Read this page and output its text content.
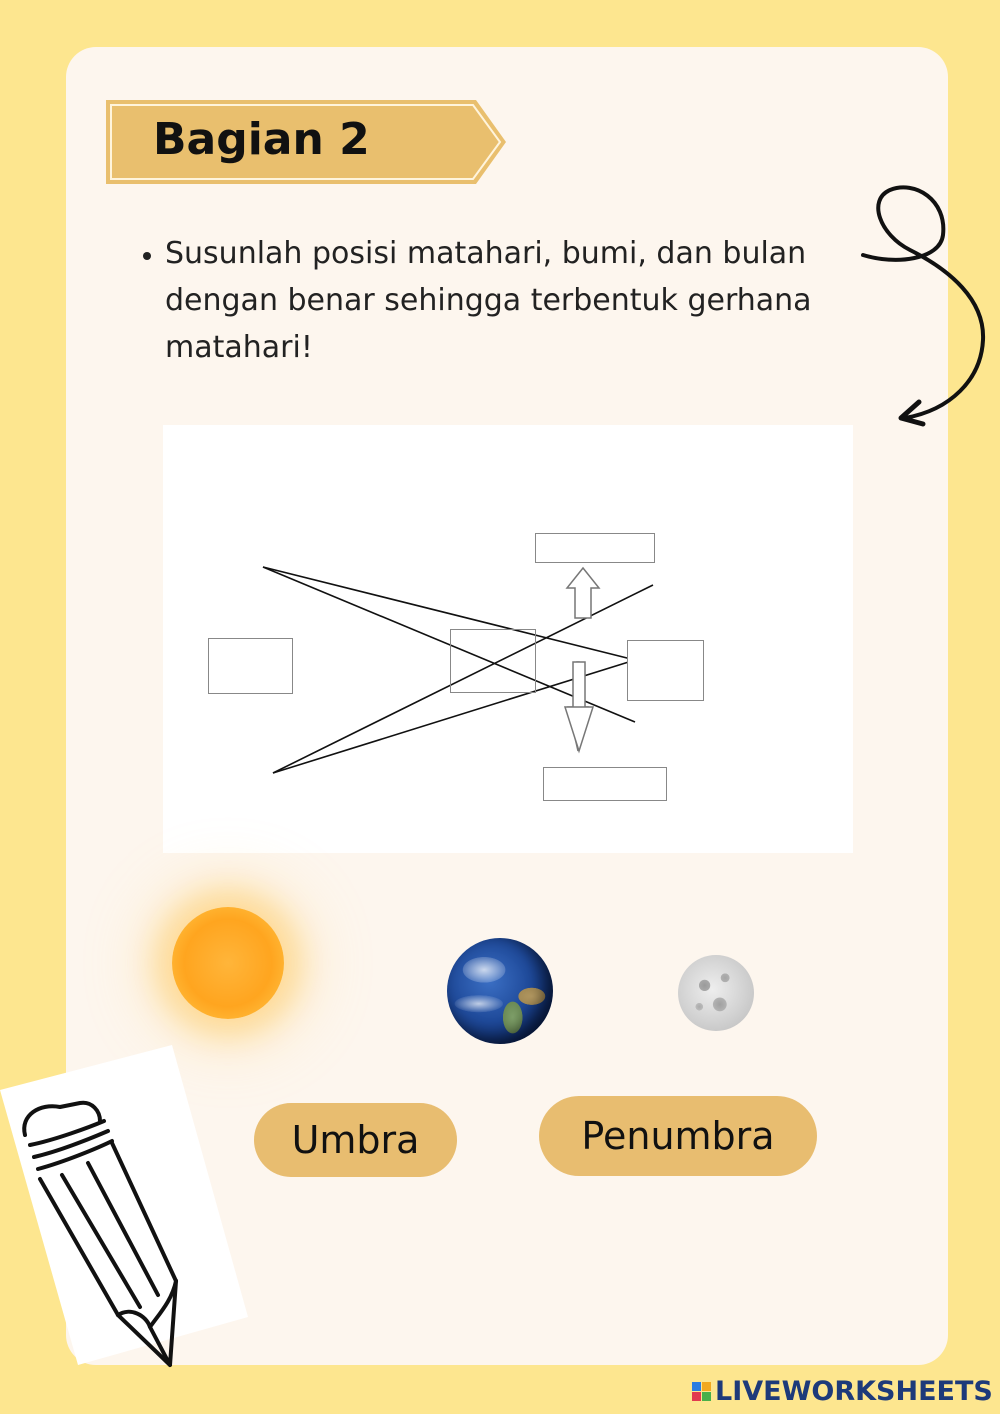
Bagian 2
• Susunlah posisi matahari, bumi, dan bulan dengan benar sehingga terbentuk gerhana matahari!
Umbra	Penumbra
LIVEWORKSHEETS
